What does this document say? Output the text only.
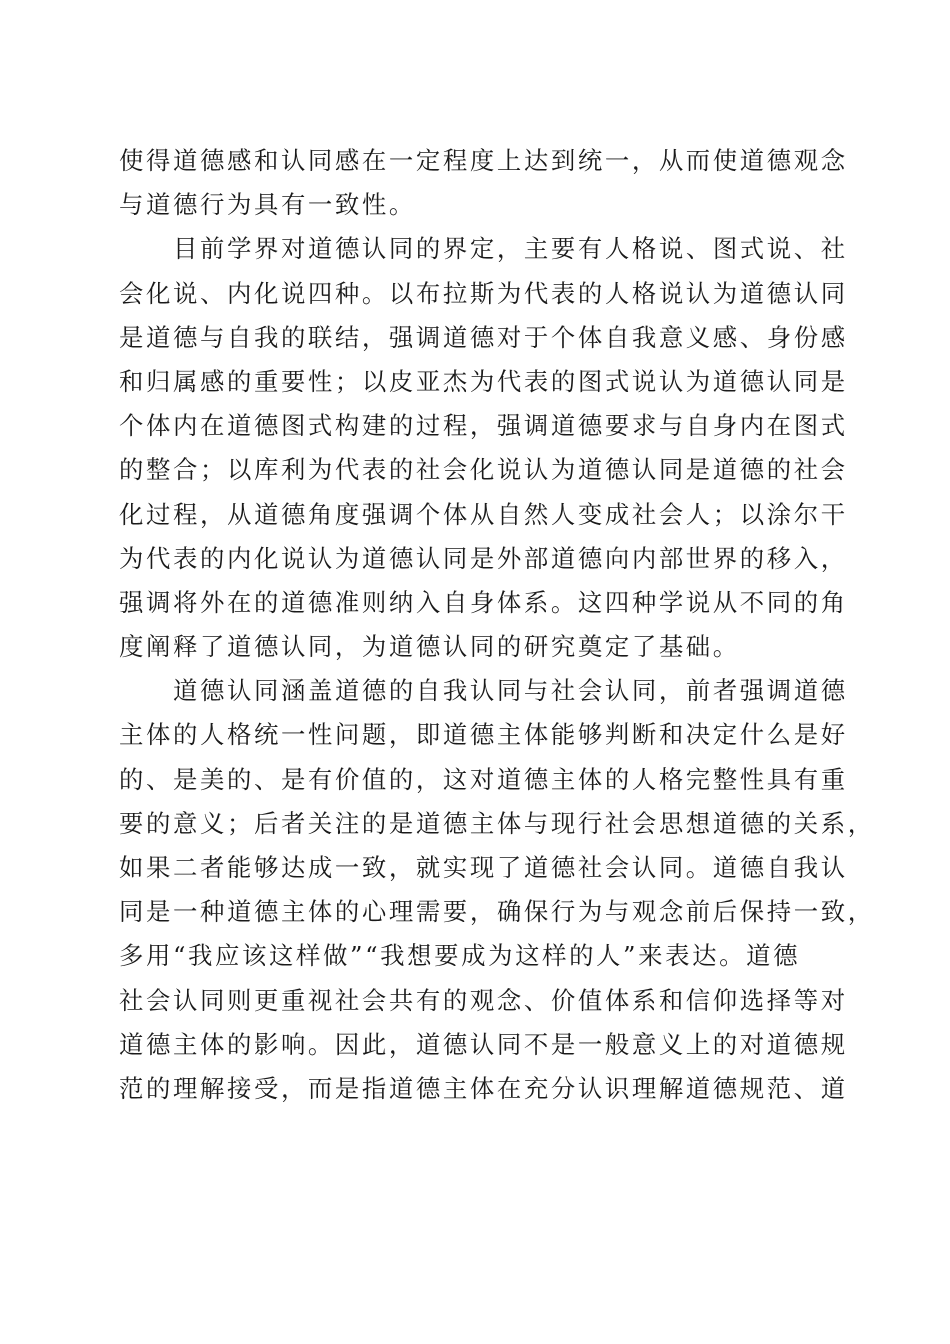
使得道德感和认同感在一定程度上达到统一，从而使道德观念
与道德行为具有一致性。
目前学界对道德认同的界定，主要有人格说、图式说、社
会化说、内化说四种。以布拉斯为代表的人格说认为道德认同
是道德与自我的联结，强调道德对于个体自我意义感、身份感
和归属感的重要性；以皮亚杰为代表的图式说认为道德认同是
个体内在道德图式构建的过程，强调道德要求与自身内在图式
的整合；以库利为代表的社会化说认为道德认同是道德的社会
化过程，从道德角度强调个体从自然人变成社会人；以涂尔干
为代表的内化说认为道德认同是外部道德向内部世界的移入，
强调将外在的道德准则纳入自身体系。这四种学说从不同的角
度阐释了道德认同，为道德认同的研究奠定了基础。
道德认同涵盖道德的自我认同与社会认同，前者强调道德
主体的人格统一性问题，即道德主体能够判断和决定什么是好
的、是美的、是有价值的，这对道德主体的人格完整性具有重
要的意义；后者关注的是道德主体与现行社会思想道德的关系，
如果二者能够达成一致，就实现了道德社会认同。道德自我认
同是一种道德主体的心理需要，确保行为与观念前后保持一致，
多用“我应该这样做”“我想要成为这样的人”来表达。道德
社会认同则更重视社会共有的观念、价值体系和信仰选择等对
道德主体的影响。因此，道德认同不是一般意义上的对道德规
范的理解接受，而是指道德主体在充分认识理解道德规范、道
